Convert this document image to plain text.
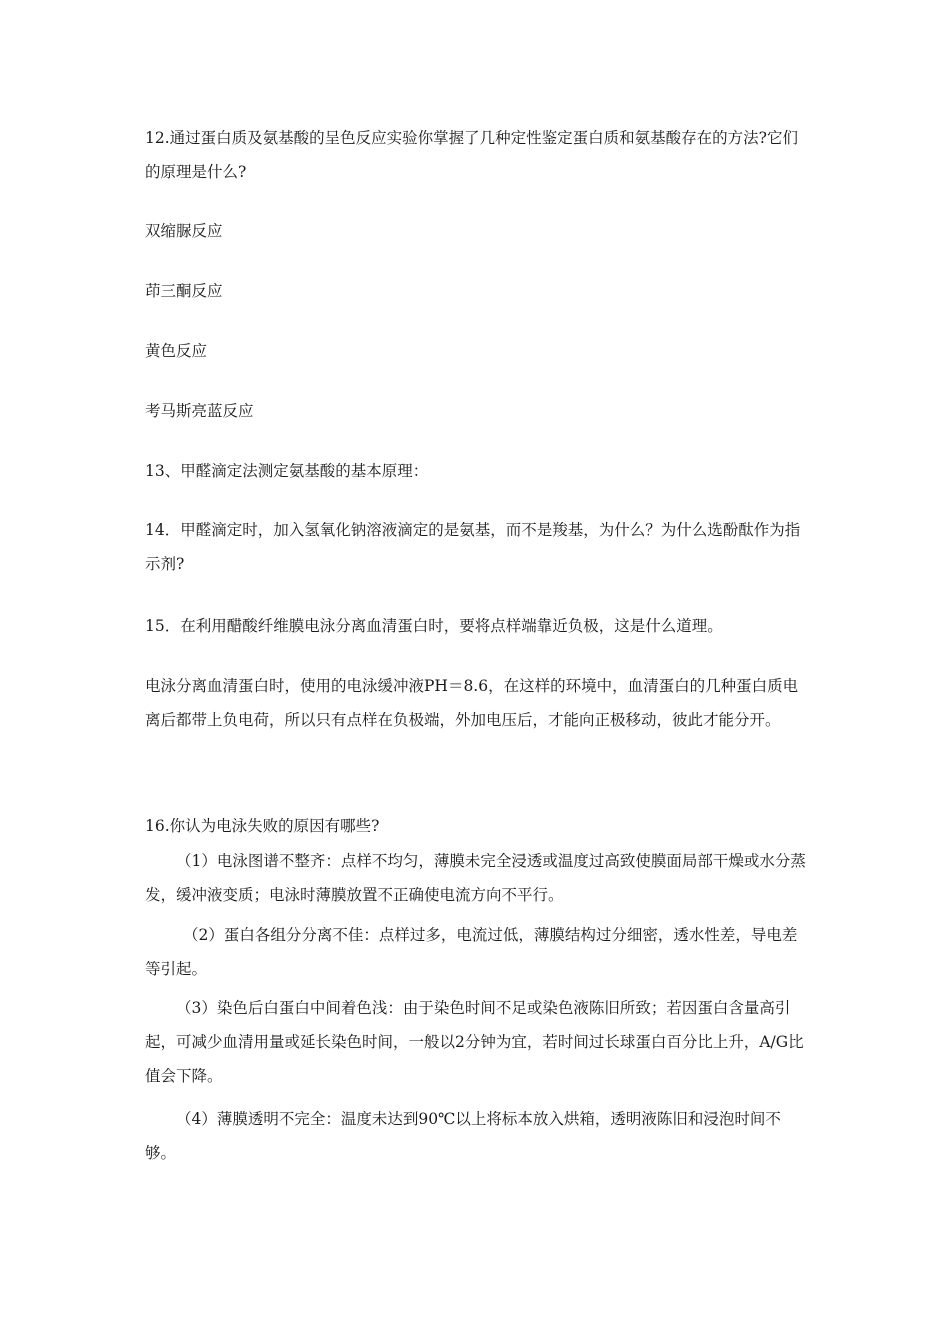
12.通过蛋白质及氨基酸的呈色反应实验你掌握了几种定性鉴定蛋白质和氨基酸存在的方法?它们的原理是什么?

双缩脲反应

茚三酮反应

黄色反应

考马斯亮蓝反应

13、甲醛滴定法测定氨基酸的基本原理：

14．甲醛滴定时，加入氢氧化钠溶液滴定的是氨基，而不是羧基，为什么？为什么选酚酞作为指示剂?

15．在利用醋酸纤维膜电泳分离血清蛋白时，要将点样端靠近负极，这是什么道理。

电泳分离血清蛋白时，使用的电泳缓冲液PH＝8.6，在这样的环境中，血清蛋白的几种蛋白质电离后都带上负电荷，所以只有点样在负极端，外加电压后，才能向正极移动，彼此才能分开。

16.你认为电泳失败的原因有哪些?

（1）电泳图谱不整齐：点样不均匀，薄膜未完全浸透或温度过高致使膜面局部干燥或水分蒸发，缓冲液变质；电泳时薄膜放置不正确使电流方向不平行。

（2）蛋白各组分分离不佳：点样过多，电流过低，薄膜结构过分细密，透水性差，导电差等引起。

（3）染色后白蛋白中间着色浅：由于染色时间不足或染色液陈旧所致；若因蛋白含量高引起，可减少血清用量或延长染色时间，一般以2分钟为宜，若时间过长球蛋白百分比上升，A/G比值会下降。

（4）薄膜透明不完全：温度未达到90℃以上将标本放入烘箱，透明液陈旧和浸泡时间不够。
